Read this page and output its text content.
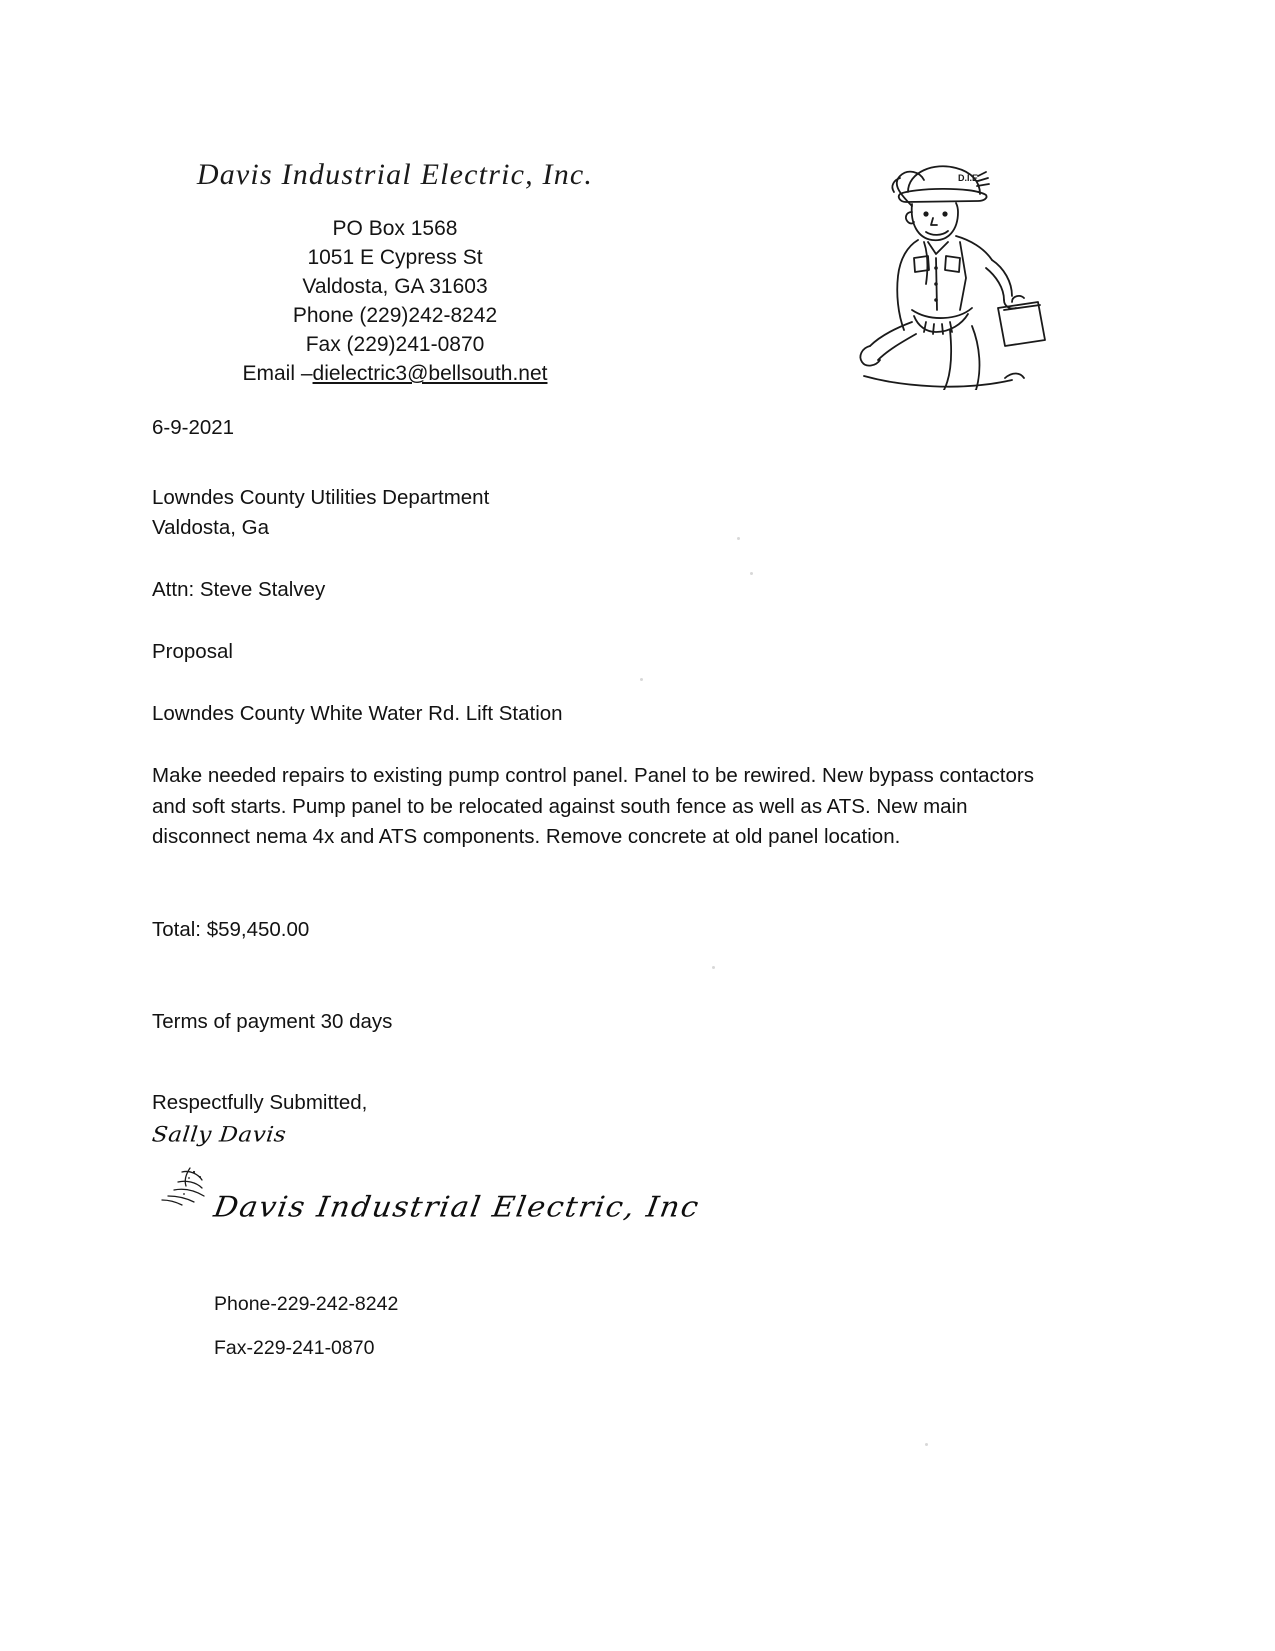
Davis Industrial Electric, Inc.
PO Box 1568
1051 E Cypress St
Valdosta, GA 31603
Phone (229)242-8242
Fax (229)241-0870
Email –dielectric3@bellsouth.net
D.I.E.

6-9-2021

Lowndes County Utilities Department

Valdosta, Ga

Attn: Steve Stalvey

Proposal

Lowndes County White Water Rd. Lift Station

Make needed repairs to existing pump control panel. Panel to be rewired. New bypass contactors and soft starts. Pump panel to be relocated against south fence as well as ATS. New main disconnect nema 4x and ATS components. Remove concrete at old panel location.

Total: $59,450.00

Terms of payment 30 days

Respectfully Submitted,
Sally Davis
Davis Industrial Electric, Inc
Phone-229-242-8242
Fax-229-241-0870
